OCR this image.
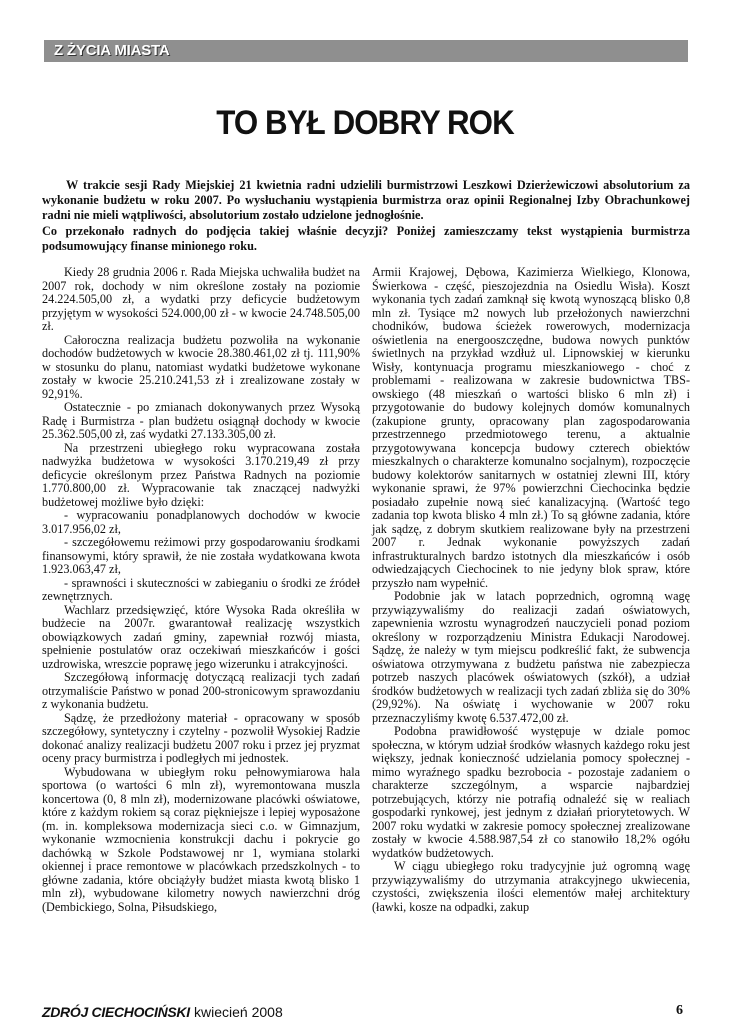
Z ŻYCIA MIASTA
TO BYŁ DOBRY ROK

W trakcie sesji Rady Miejskiej 21 kwietnia radni udzielili burmistrzowi Leszkowi Dzierżewiczowi absolutorium za wykonanie budżetu w roku 2007. Po wysłuchaniu wystąpienia burmistrza oraz opinii Regionalnej Izby Obrachunkowej radni nie mieli wątpliwości, absolutorium zostało udzielone jednogłośnie.

Co przekonało radnych do podjęcia takiej właśnie decyzji? Poniżej zamieszczamy tekst wystąpienia burmistrza podsumowujący finanse minionego roku.

Kiedy 28 grudnia 2006 r. Rada Miejska uchwaliła budżet na 2007 rok, dochody w nim określone zostały na poziomie 24.224.505,00 zł, a wydatki przy deficycie budżetowym przyjętym w wysokości 524.000,00 zł - w kwocie 24.748.505,00 zł.

Całoroczna realizacja budżetu pozwoliła na wykonanie dochodów budżetowych w kwocie 28.380.461,02 zł tj. 111,90% w stosunku do planu, natomiast wydatki budżetowe wykonane zostały w kwocie 25.210.241,53 zł i zrealizowane zostały w 92,91%.

Ostatecznie - po zmianach dokonywanych przez Wysoką Radę i Burmistrza - plan budżetu osiągnął dochody w kwocie 25.362.505,00 zł, zaś wydatki 27.133.305,00 zł.

Na przestrzeni ubiegłego roku wypracowana została nadwyżka budżetowa w wysokości 3.170.219,49 zł przy deficycie określonym przez Państwa Radnych na poziomie 1.770.800,00 zł. Wypracowanie tak znaczącej nadwyżki budżetowej możliwe było dzięki:

- wypracowaniu ponadplanowych dochodów w kwocie 3.017.956,02 zł,

- szczegółowemu reżimowi przy gospodarowaniu środkami finansowymi, który sprawił, że nie została wydatkowana kwota 1.923.063,47 zł,

- sprawności i skuteczności w zabieganiu o środki ze źródeł zewnętrznych.

Wachlarz przedsięwzięć, które Wysoka Rada określiła w budżecie na 2007r. gwarantował realizację wszystkich obowiązkowych zadań gminy, zapewniał rozwój miasta, spełnienie postulatów oraz oczekiwań mieszkańców i gości uzdrowiska, wreszcie poprawę jego wizerunku i atrakcyjności.

Szczegółową informację dotyczącą realizacji tych zadań otrzymaliście Państwo w ponad 200-stronicowym sprawozdaniu z wykonania budżetu.

Sądzę, że przedłożony materiał - opracowany w sposób szczegółowy, syntetyczny i czytelny - pozwolił Wysokiej Radzie dokonać analizy realizacji budżetu 2007 roku i przez jej pryzmat oceny pracy burmistrza i podległych mi jednostek.

Wybudowana w ubiegłym roku pełnowymiarowa hala sportowa (o wartości 6 mln zł), wyremontowana muszla koncertowa (0, 8 mln zł), modernizowane placówki oświatowe, które z każdym rokiem są coraz piękniejsze i lepiej wyposażone (m. in. kompleksowa modernizacja sieci c.o. w Gimnazjum, wykonanie wzmocnienia konstrukcji dachu i pokrycie go dachówką w Szkole Podstawowej nr 1, wymiana stolarki okiennej i prace remontowe w placówkach przedszkolnych - to główne zadania, które obciążyły budżet miasta kwotą blisko 1 mln zł), wybudowane kilometry nowych nawierzchni dróg (Dembickiego, Solna, Piłsudskiego,

Armii Krajowej, Dębowa, Kazimierza Wielkiego, Klonowa, Świerkowa - część, pieszojezdnia na Osiedlu Wisła). Koszt wykonania tych zadań zamknął się kwotą wynoszącą blisko 0,8 mln zł. Tysiące m2 nowych lub przełożonych nawierzchni chodników, budowa ścieżek rowerowych, modernizacja oświetlenia na energooszczędne, budowa nowych punktów świetlnych na przykład wzdłuż ul. Lipnowskiej w kierunku Wisły, kontynuacja programu mieszkaniowego - choć z problemami - realizowana w zakresie budownictwa TBS-owskiego (48 mieszkań o wartości blisko 6 mln zł) i przygotowanie do budowy kolejnych domów komunalnych (zakupione grunty, opracowany plan zagospodarowania przestrzennego przedmiotowego terenu, a aktualnie przygotowywana koncepcja budowy czterech obiektów mieszkalnych o charakterze komunalno socjalnym), rozpoczęcie budowy kolektorów sanitarnych w ostatniej zlewni III, który wykonanie sprawi, że 97% powierzchni Ciechocinka będzie posiadało zupełnie nową sieć kanalizacyjną. (Wartość tego zadania top kwota blisko 4 mln zł.) To są główne zadania, które jak sądzę, z dobrym skutkiem realizowane były na przestrzeni 2007 r. Jednak wykonanie powyższych zadań infrastrukturalnych bardzo istotnych dla mieszkańców i osób odwiedzających Ciechocinek to nie jedyny blok spraw, które przyszło nam wypełnić.

Podobnie jak w latach poprzednich, ogromną wagę przywiązywaliśmy do realizacji zadań oświatowych, zapewnienia wzrostu wynagrodzeń nauczycieli ponad poziom określony w rozporządzeniu Ministra Edukacji Narodowej. Sądzę, że należy w tym miejscu podkreślić fakt, że subwencja oświatowa otrzymywana z budżetu państwa nie zabezpiecza potrzeb naszych placówek oświatowych (szkół), a udział środków budżetowych w realizacji tych zadań zbliża się do 30% (29,92%). Na oświatę i wychowanie w 2007 roku przeznaczyliśmy kwotę 6.537.472,00 zł.

Podobna prawidłowość występuje w dziale pomoc społeczna, w którym udział środków własnych każdego roku jest większy, jednak konieczność udzielania pomocy społecznej - mimo wyraźnego spadku bezrobocia - pozostaje zadaniem o charakterze szczególnym, a wsparcie najbardziej potrzebujących, którzy nie potrafią odnaleźć się w realiach gospodarki rynkowej, jest jednym z działań priorytetowych. W 2007 roku wydatki w zakresie pomocy społecznej zrealizowane zostały w kwocie 4.588.987,54 zł co stanowiło 18,2% ogółu wydatków budżetowych.

W ciągu ubiegłego roku tradycyjnie już ogromną wagę przywiązywaliśmy do utrzymania atrakcyjnego ukwiecenia, czystości, zwiększenia ilości elementów małej architektury (ławki, kosze na odpadki, zakup

ZDRÓJ CIECHOCIŃSKI kwiecień 2008	6
